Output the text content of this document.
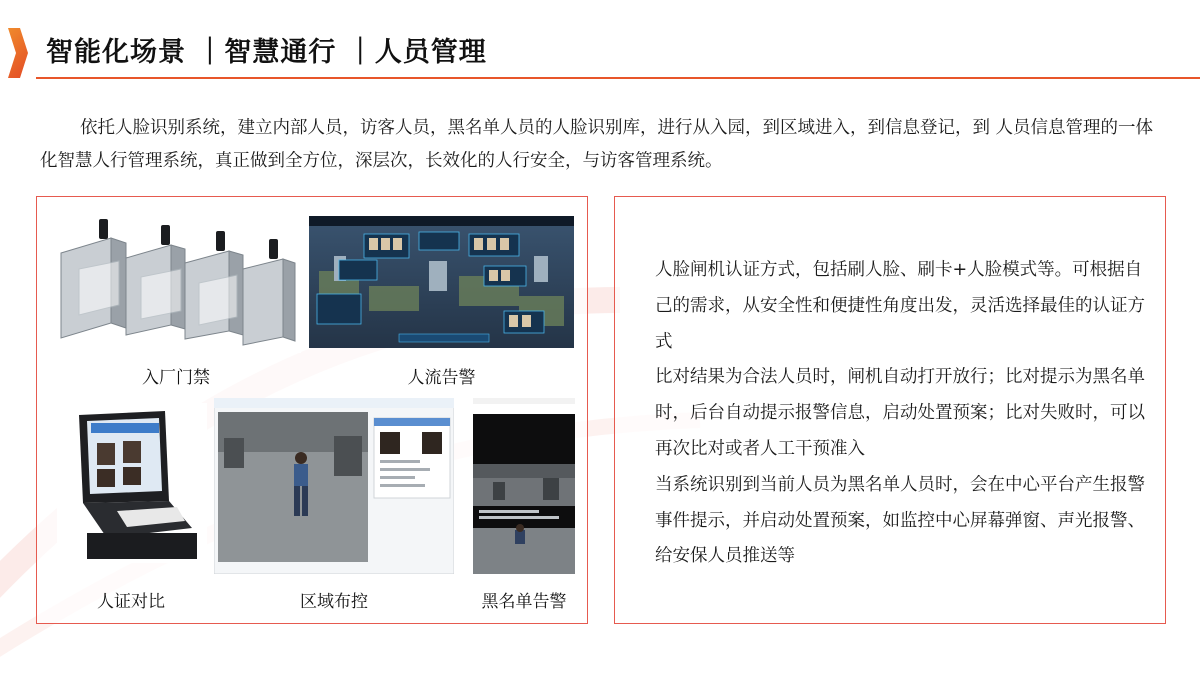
智能化场景 ｜智慧通行 ｜人员管理

依托人脸识别系统，建立内部人员，访客人员，黑名单人员的人脸识别库，进行从入园，到区域进入，到信息登记，到 人员信息管理的一体化智慧人行管理系统，真正做到全方位，深层次，长效化的人行安全，与访客管理系统。

入厂门禁	人流告警
人证对比	区域布控	黑名单告警

人脸闸机认证方式，包括刷人脸、刷卡+人脸模式等。可根据自己的需求，从安全性和便捷性角度出发，灵活选择最佳的认证方式

比对结果为合法人员时，闸机自动打开放行；比对提示为黑名单时，后台自动提示报警信息，启动处置预案；比对失败时，可以再次比对或者人工干预准入

当系统识别到当前人员为黑名单人员时，会在中心平台产生报警事件提示，并启动处置预案，如监控中心屏幕弹窗、声光报警、给安保人员推送等
